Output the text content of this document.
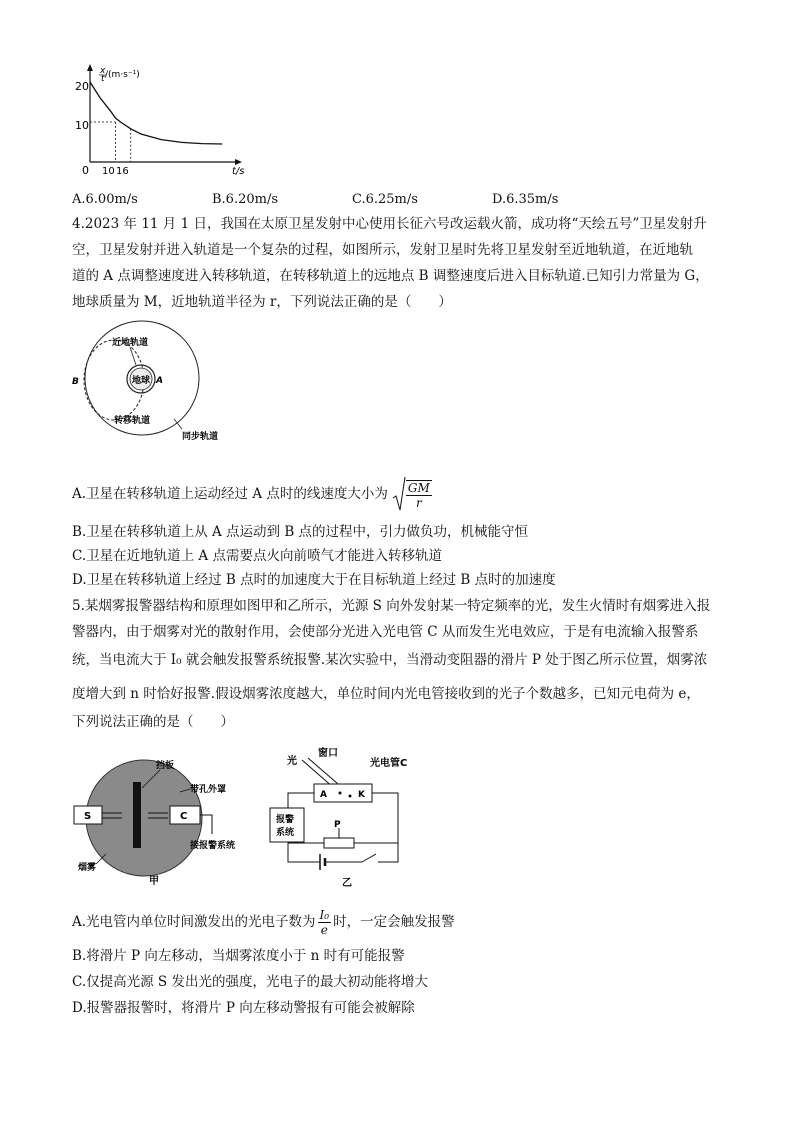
x
t /(m·s⁻¹)
t/s
20
10
0 10 16
A.6.00m/s	B.6.20m/s	C.6.25m/s	D.6.35m/s
4.2023 年 11 月 1 日，我国在太原卫星发射中心使用长征六号改运载火箭，成功将“天绘五号”卫星发射升
空，卫星发射并进入轨道是一个复杂的过程，如图所示，发射卫星时先将卫星发射至近地轨道，在近地轨
道的 A 点调整速度进入转移轨道，在转移轨道上的远地点 B 调整速度后进入目标轨道.已知引力常量为 G，
地球质量为 M，近地轨道半径为 r，下列说法正确的是（　　）
地球 A
B
近地轨道
转移轨道
同步轨道
A.卫星在转移轨道上运动经过 A 点时的线速度大小为 $\frac{GM}{r}$
B.卫星在转移轨道上从 A 点运动到 B 点的过程中，引力做负功，机械能守恒
C.卫星在近地轨道上 A 点需要点火向前喷气才能进入转移轨道
D.卫星在转移轨道上经过 B 点时的加速度大于在目标轨道上经过 B 点时的加速度
5.某烟雾报警器结构和原理如图甲和乙所示，光源 S 向外发射某一特定频率的光，发生火情时有烟雾进入报
警器内，由于烟雾对光的散射作用，会使部分光进入光电管 C 从而发生光电效应，于是有电流输入报警系
统，当电流大于 I₀ 就会触发报警系统报警.某次实验中，当滑动变阻器的滑片 P 处于图乙所示位置，烟雾浓
度增大到 n 时恰好报警.假设烟雾浓度越大，单位时间内光电管接收到的光子个数越多，已知元电荷为 e，
下列说法正确的是（　　）
S	C
挡板
带孔外罩
接报警系统
烟雾
甲
光
窗口
光电管C
A	K
报警
系统
P
乙
A.光电管内单位时间激发出的光电子数为 $\frac{\text{I₀}}{e}$ 时，一定会触发报警
B.将滑片 P 向左移动，当烟雾浓度小于 n 时有可能报警
C.仅提高光源 S 发出光的强度，光电子的最大初动能将增大
D.报警器报警时，将滑片 P 向左移动警报有可能会被解除
